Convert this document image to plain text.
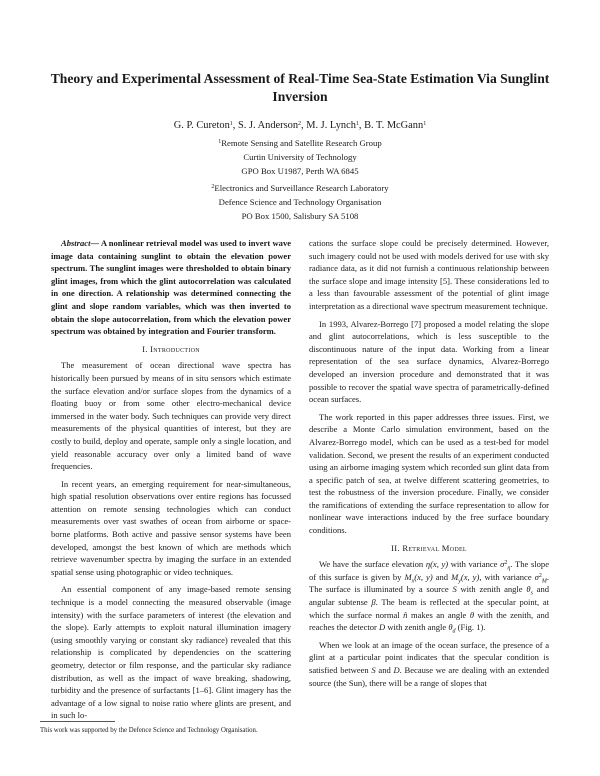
Theory and Experimental Assessment of Real-Time Sea-State Estimation Via Sunglint Inversion
G. P. Cureton$^1$, S. J. Anderson$^2$, M. J. Lynch$^1$, B. T. McGann$^1$

$^1$Remote Sensing and Satellite Research Group

Curtin University of Technology

GPO Box U1987, Perth WA 6845

$^2$Electronics and Surveillance Research Laboratory

Defence Science and Technology Organisation

PO Box 1500, Salisbury SA 5108

Abstract— A nonlinear retrieval model was used to invert wave image data containing sunglint to obtain the elevation power spectrum. The sunglint images were thresholded to obtain binary glint images, from which the glint autocorrelation was calculated in one direction. A relationship was determined connecting the glint and slope random variables, which was then inverted to obtain the slope autocorrelation, from which the elevation power spectrum was obtained by integration and Fourier transform.

I. Introduction

The measurement of ocean directional wave spectra has historically been pursued by means of in situ sensors which estimate the surface elevation and/or surface slopes from the dynamics of a floating buoy or from some other electro-mechanical device immersed in the water body. Such techniques can provide very direct measurements of the physical quantities of interest, but they are costly to build, deploy and operate, sample only a single location, and yield reasonable accuracy over only a limited band of wave frequencies.

In recent years, an emerging requirement for near-simultaneous, high spatial resolution observations over entire regions has focussed attention on remote sensing technologies which can conduct measurements over vast swathes of ocean from airborne or space-borne platforms. Both active and passive sensor systems have been developed, amongst the best known of which are methods which retrieve wavenumber spectra by imaging the surface in an extended spatial sense using photographic or video techniques.

An essential component of any image-based remote sensing technique is a model connecting the measured observable (image intensity) with the surface parameters of interest (the elevation and the slope). Early attempts to exploit natural illumination imagery (using smoothly varying or constant sky radiance) revealed that this relationship is complicated by dependencies on the scattering geometry, detector or film response, and the particular sky radiance distribution, as well as the impact of wave breaking, shadowing, turbidity and the presence of surfactants [1–6]. Glint imagery has the advantage of a low signal to noise ratio where glints are present, and in such lo-

cations the surface slope could be precisely determined. However, such imagery could not be used with models derived for use with sky radiance data, as it did not furnish a continuous relationship between the surface slope and image intensity [5]. These considerations led to a less than favourable assessment of the potential of glint image interpretation as a directional wave spectrum measurement technique.

In 1993, Alvarez-Borrego [7] proposed a model relating the slope and glint autocorrelations, which is less susceptible to the discontinuous nature of the input data. Working from a linear representation of the sea surface dynamics, Alvarez-Borrego developed an inversion procedure and demonstrated that it was possible to recover the spatial wave spectra of parametrically-defined ocean surfaces.

The work reported in this paper addresses three issues. First, we describe a Monte Carlo simulation environment, based on the Alvarez-Borrego model, which can be used as a test-bed for model validation. Second, we present the results of an experiment conducted using an airborne imaging system which recorded sun glint data from a specific patch of sea, at twelve different scattering geometries, to test the robustness of the inversion procedure. Finally, we consider the ramifications of extending the surface representation to allow for nonlinear wave interactions induced by the free surface boundary conditions.

II. Retrieval Model

We have the surface elevation η(x, y) with variance $\sigma^2_\eta$. The slope of this surface is given by $M_x(x$, y) and $M_y(x$, y), with variance $\sigma^2_M$. The surface is illuminated by a source S with zenith angle $\theta_s$ and angular subtense β. The beam is reflected at the specular point, at which the surface normal n̂ makes an angle θ with the zenith, and reaches the detector D with zenith angle $\theta_d$ (Fig. 1).

When we look at an image of the ocean surface, the presence of a glint at a particular point indicates that the specular condition is satisfied between S and D. Because we are dealing with an extended source (the Sun), there will be a range of slopes that

This work was supported by the Defence Science and Technology Organisation.
